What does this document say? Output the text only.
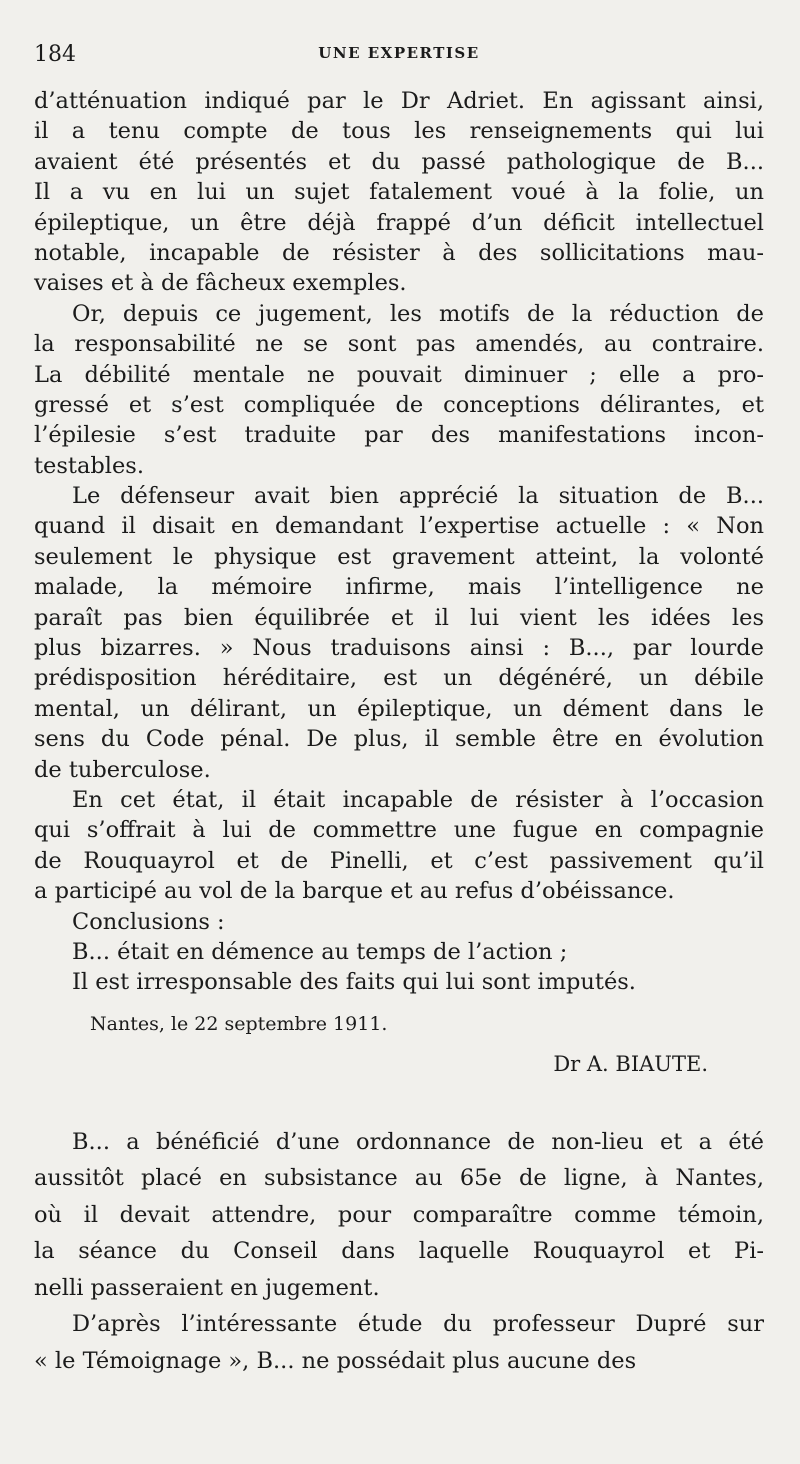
184	UNE EXPERTISE
d’atténuation indiqué par le Dr Adriet. En agissant ainsi,
il a tenu compte de tous les renseignements qui lui
avaient été présentés et du passé pathologique de B...
Il a vu en lui un sujet fatalement voué à la folie, un
épileptique, un être déjà frappé d’un déficit intellectuel
notable, incapable de résister à des sollicitations mau-
vaises et à de fâcheux exemples.
Or, depuis ce jugement, les motifs de la réduction de
la responsabilité ne se sont pas amendés, au contraire.
La débilité mentale ne pouvait diminuer ; elle a pro-
gressé et s’est compliquée de conceptions délirantes, et
l’épilesie s’est traduite par des manifestations incon-
testables.
Le défenseur avait bien apprécié la situation de B...
quand il disait en demandant l’expertise actuelle : « Non
seulement le physique est gravement atteint, la volonté
malade, la mémoire infirme, mais l’intelligence ne
paraît pas bien équilibrée et il lui vient les idées les
plus bizarres. » Nous traduisons ainsi : B..., par lourde
prédisposition héréditaire, est un dégénéré, un débile
mental, un délirant, un épileptique, un dément dans le
sens du Code pénal. De plus, il semble être en évolution
de tuberculose.
En cet état, il était incapable de résister à l’occasion
qui s’offrait à lui de commettre une fugue en compagnie
de Rouquayrol et de Pinelli, et c’est passivement qu’il
a participé au vol de la barque et au refus d’obéissance.
Conclusions :
B... était en démence au temps de l’action ;
Il est irresponsable des faits qui lui sont imputés.
Nantes, le 22 septembre 1911.
Dr A. BIAUTE.
B... a bénéficié d’une ordonnance de non-lieu et a été
aussitôt placé en subsistance au 65e de ligne, à Nantes,
où il devait attendre, pour comparaître comme témoin,
la séance du Conseil dans laquelle Rouquayrol et Pi-
nelli passeraient en jugement.
D’après l’intéressante étude du professeur Dupré sur
« le Témoignage », B... ne possédait plus aucune des
